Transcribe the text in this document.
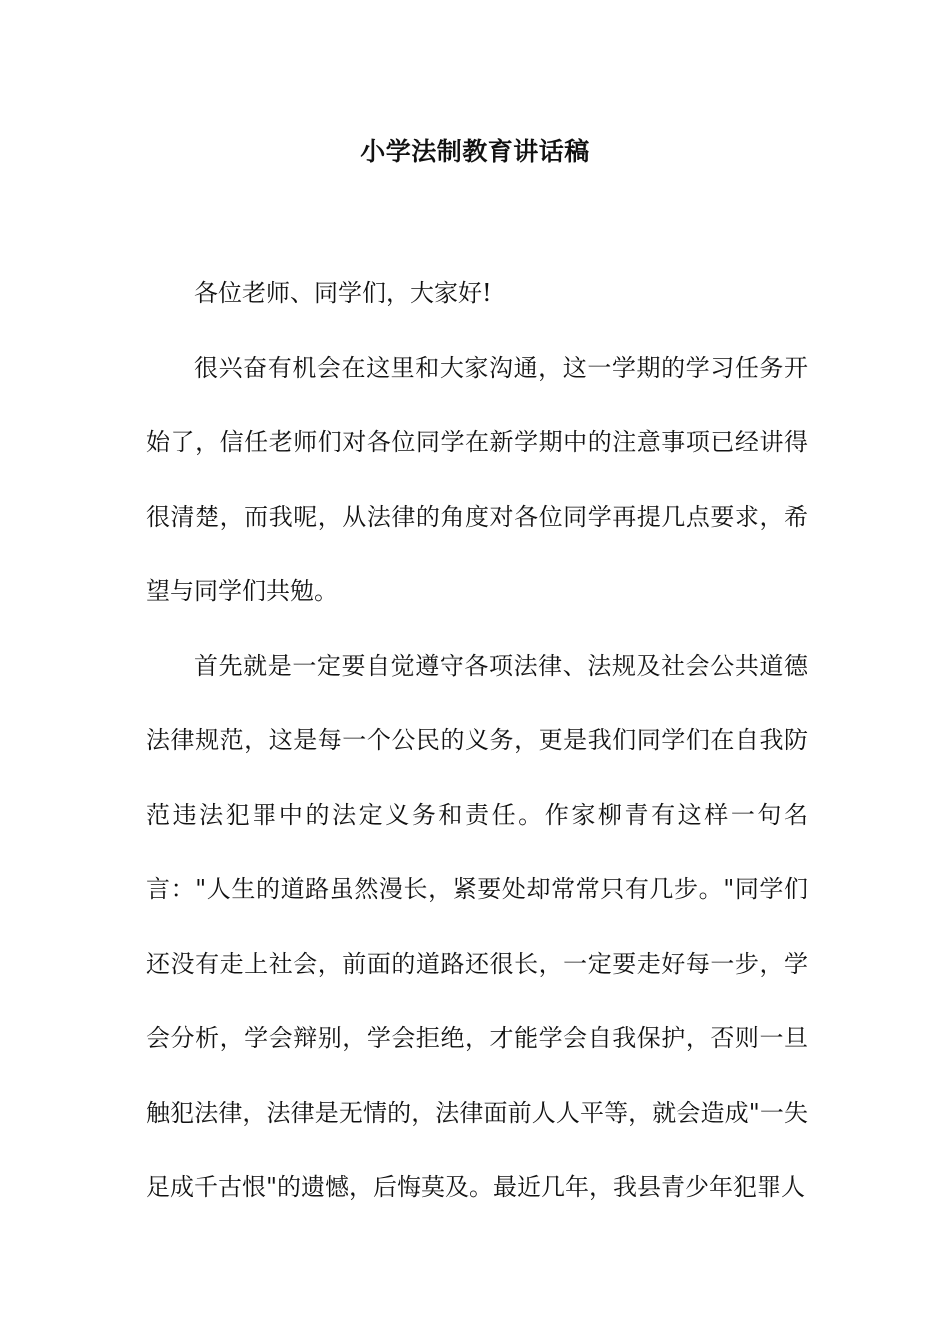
小学法制教育讲话稿

各位老师、同学们，大家好!

很兴奋有机会在这里和大家沟通，这一学期的学习任务开始了，信任老师们对各位同学在新学期中的注意事项已经讲得很清楚，而我呢，从法律的角度对各位同学再提几点要求，希望与同学们共勉。

首先就是一定要自觉遵守各项法律、法规及社会公共道德法律规范，这是每一个公民的义务，更是我们同学们在自我防范违法犯罪中的法定义务和责任。作家柳青有这样一句名言："人生的道路虽然漫长，紧要处却常常只有几步。"同学们还没有走上社会，前面的道路还很长，一定要走好每一步，学会分析，学会辩别，学会拒绝，才能学会自我保护，否则一旦触犯法律，法律是无情的，法律面前人人平等，就会造成"一失足成千古恨"的遗憾，后悔莫及。最近几年，我县青少年犯罪人
